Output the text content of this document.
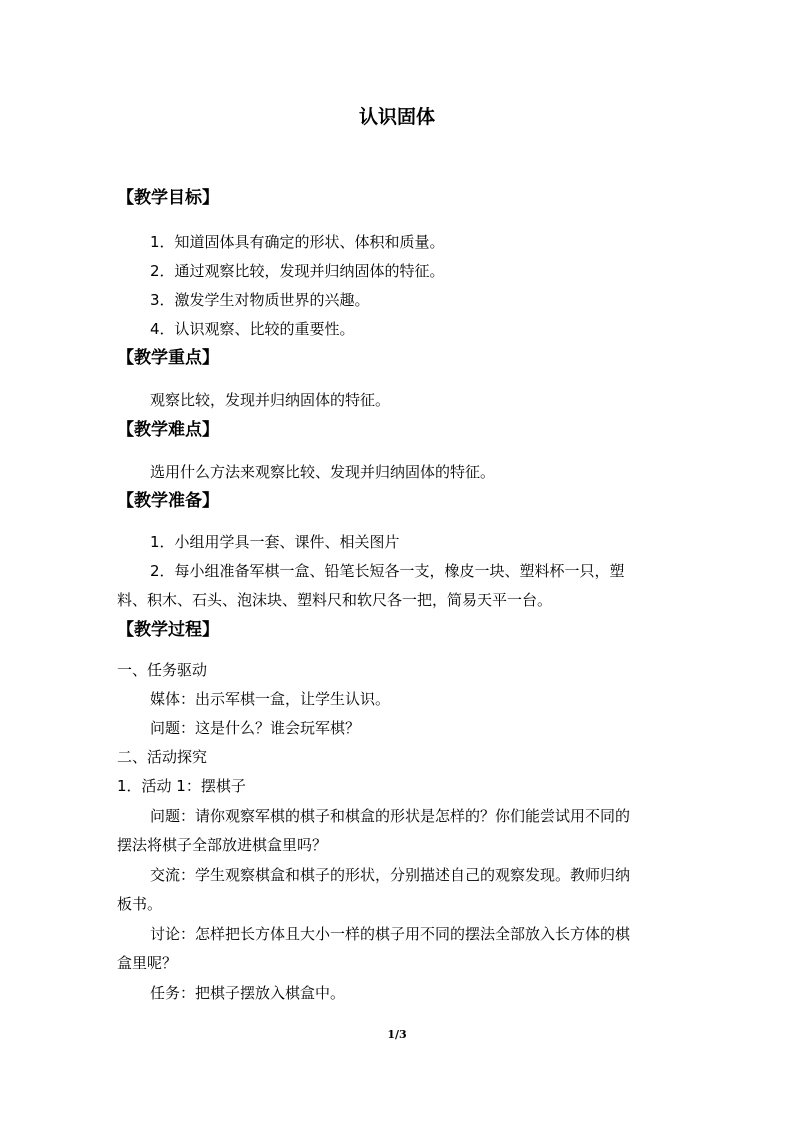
认识固体
【教学目标】
1．知道固体具有确定的形状、体积和质量。
2．通过观察比较，发现并归纳固体的特征。
3．激发学生对物质世界的兴趣。
4．认识观察、比较的重要性。
【教学重点】
观察比较，发现并归纳固体的特征。
【教学难点】
选用什么方法来观察比较、发现并归纳固体的特征。
【教学准备】
1．小组用学具一套、课件、相关图片
2．每小组准备军棋一盒、铅笔长短各一支，橡皮一块、塑料杯一只，塑
料、积木、石头、泡沫块、塑料尺和软尺各一把，简易天平一台。
【教学过程】
一、任务驱动
媒体：出示军棋一盒，让学生认识。
问题：这是什么？谁会玩军棋？
二、活动探究
1．活动 1：摆棋子
问题：请你观察军棋的棋子和棋盒的形状是怎样的？你们能尝试用不同的
摆法将棋子全部放进棋盒里吗？
交流：学生观察棋盒和棋子的形状，分别描述自己的观察发现。教师归纳
板书。
讨论：怎样把长方体且大小一样的棋子用不同的摆法全部放入长方体的棋
盒里呢？
任务：把棋子摆放入棋盒中。
1/3
